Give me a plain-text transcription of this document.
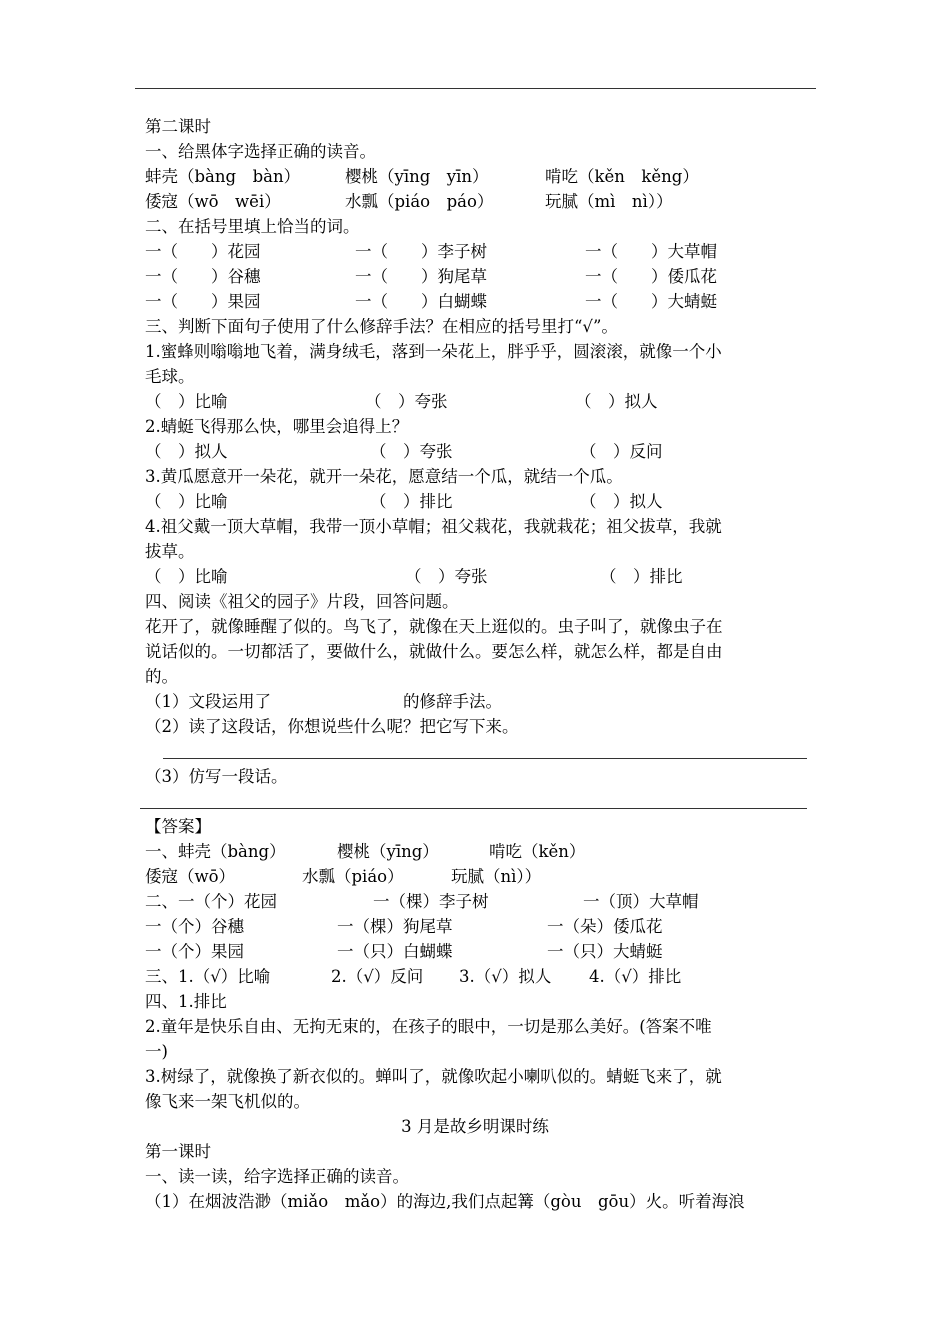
第二课时
一、给黑体字选择正确的读音。
蚌壳（bàng　bàn）	樱桃（yīng　yīn）	啃吃（kěn　kěng）
倭寇（wō　wēi）	水瓢（piáo　páo）	玩腻（mì　nì））
二、在括号里填上恰当的词。
一（　　）花园	一（　　）李子树	一（　　）大草帽
一（　　）谷穗	一（　　）狗尾草	一（　　）倭瓜花
一（　　）果园	一（　　）白蝴蝶	一（　　）大蜻蜓
三、判断下面句子使用了什么修辞手法？在相应的括号里打“√”。
1.蜜蜂则嗡嗡地飞着，满身绒毛，落到一朵花上，胖乎乎，圆滚滚，就像一个小
毛球。
（　）比喻	（　）夸张	（　）拟人
2.蜻蜓飞得那么快，哪里会追得上？
（　）拟人	（　）夸张	（　）反问
3.黄瓜愿意开一朵花，就开一朵花，愿意结一个瓜，就结一个瓜。
（　）比喻	（　）排比	（　）拟人
4.祖父戴一顶大草帽，我带一顶小草帽；祖父栽花，我就栽花；祖父拔草，我就
拔草。
（　）比喻	（　）夸张	（　）排比
四、阅读《祖父的园子》片段，回答问题。
花开了，就像睡醒了似的。鸟飞了，就像在天上逛似的。虫子叫了，就像虫子在
说话似的。一切都活了，要做什么，就做什么。要怎么样，就怎么样，都是自由
的。
（1）文段运用了	的修辞手法。
（2）读了这段话，你想说些什么呢？把它写下来。
（3）仿写一段话。
【答案】
一、蚌壳（bàng）	樱桃（yīng）	啃吃（kěn）
倭寇（wō）	水瓢（piáo）	玩腻（nì））
二、一（个）花园	一（棵）李子树	一（顶）大草帽
一（个）谷穗	一（棵）狗尾草	一（朵）倭瓜花
一（个）果园	一（只）白蝴蝶	一（只）大蜻蜓
三、1.（√）比喻	2.（√）反问 3.（√）拟人 4.（√）排比
四、1.排比
2.童年是快乐自由、无拘无束的，在孩子的眼中，一切是那么美好。(答案不唯
一)
3.树绿了，就像换了新衣似的。蝉叫了，就像吹起小喇叭似的。蜻蜓飞来了，就
像飞来一架飞机似的。
3 月是故乡明课时练
第一课时
一、读一读，给字选择正确的读音。
（1）在烟波浩渺（miǎo　mǎo）的海边,我们点起篝（gòu　gōu）火。听着海浪
